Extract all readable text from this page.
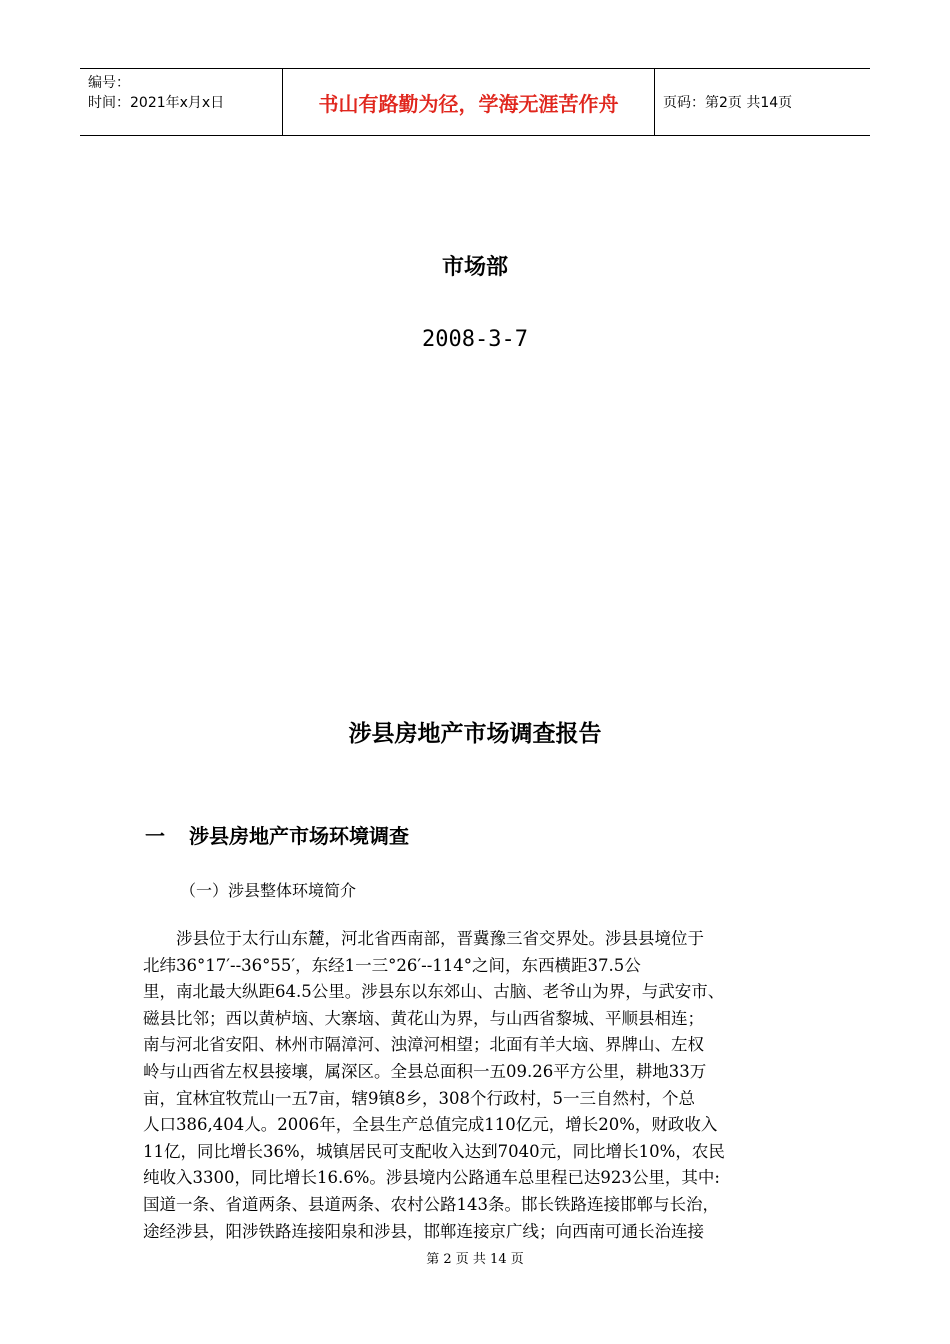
编号：
时间：2021年x月x日	书山有路勤为径，学海无涯苦作舟	页码：第2页 共14页
市场部
2008-3-7
涉县房地产市场调查报告
一 涉县房地产市场环境调查
（一）涉县整体环境简介
　　涉县位于太行山东麓，河北省西南部，晋冀豫三省交界处。涉县县境位于
北纬36°17′--36°55′，东经1一三°26′--114°之间，东西横距37.5公
里，南北最大纵距64.5公里。涉县东以东郊山、古脑、老爷山为界，与武安市、
磁县比邻；西以黄栌垴、大寨垴、黄花山为界，与山西省黎城、平顺县相连；
南与河北省安阳、林州市隔漳河、浊漳河相望；北面有羊大垴、界牌山、左权
岭与山西省左权县接壤，属深区。全县总面积一五09.26平方公里，耕地33万
亩，宜林宜牧荒山一五7亩，辖9镇8乡，308个行政村，5一三自然村，个总
人口386,404人。2006年，全县生产总值完成110亿元，增长20%，财政收入
11亿，同比增长36%，城镇居民可支配收入达到7040元，同比增长10%，农民
纯收入3300，同比增长16.6%。涉县境内公路通车总里程已达923公里，其中:
国道一条、省道两条、县道两条、农村公路143条。邯长铁路连接邯郸与长治，
途经涉县，阳涉铁路连接阳泉和涉县，邯郸连接京广线；向西南可通长治连接
第 2 页 共 14 页
